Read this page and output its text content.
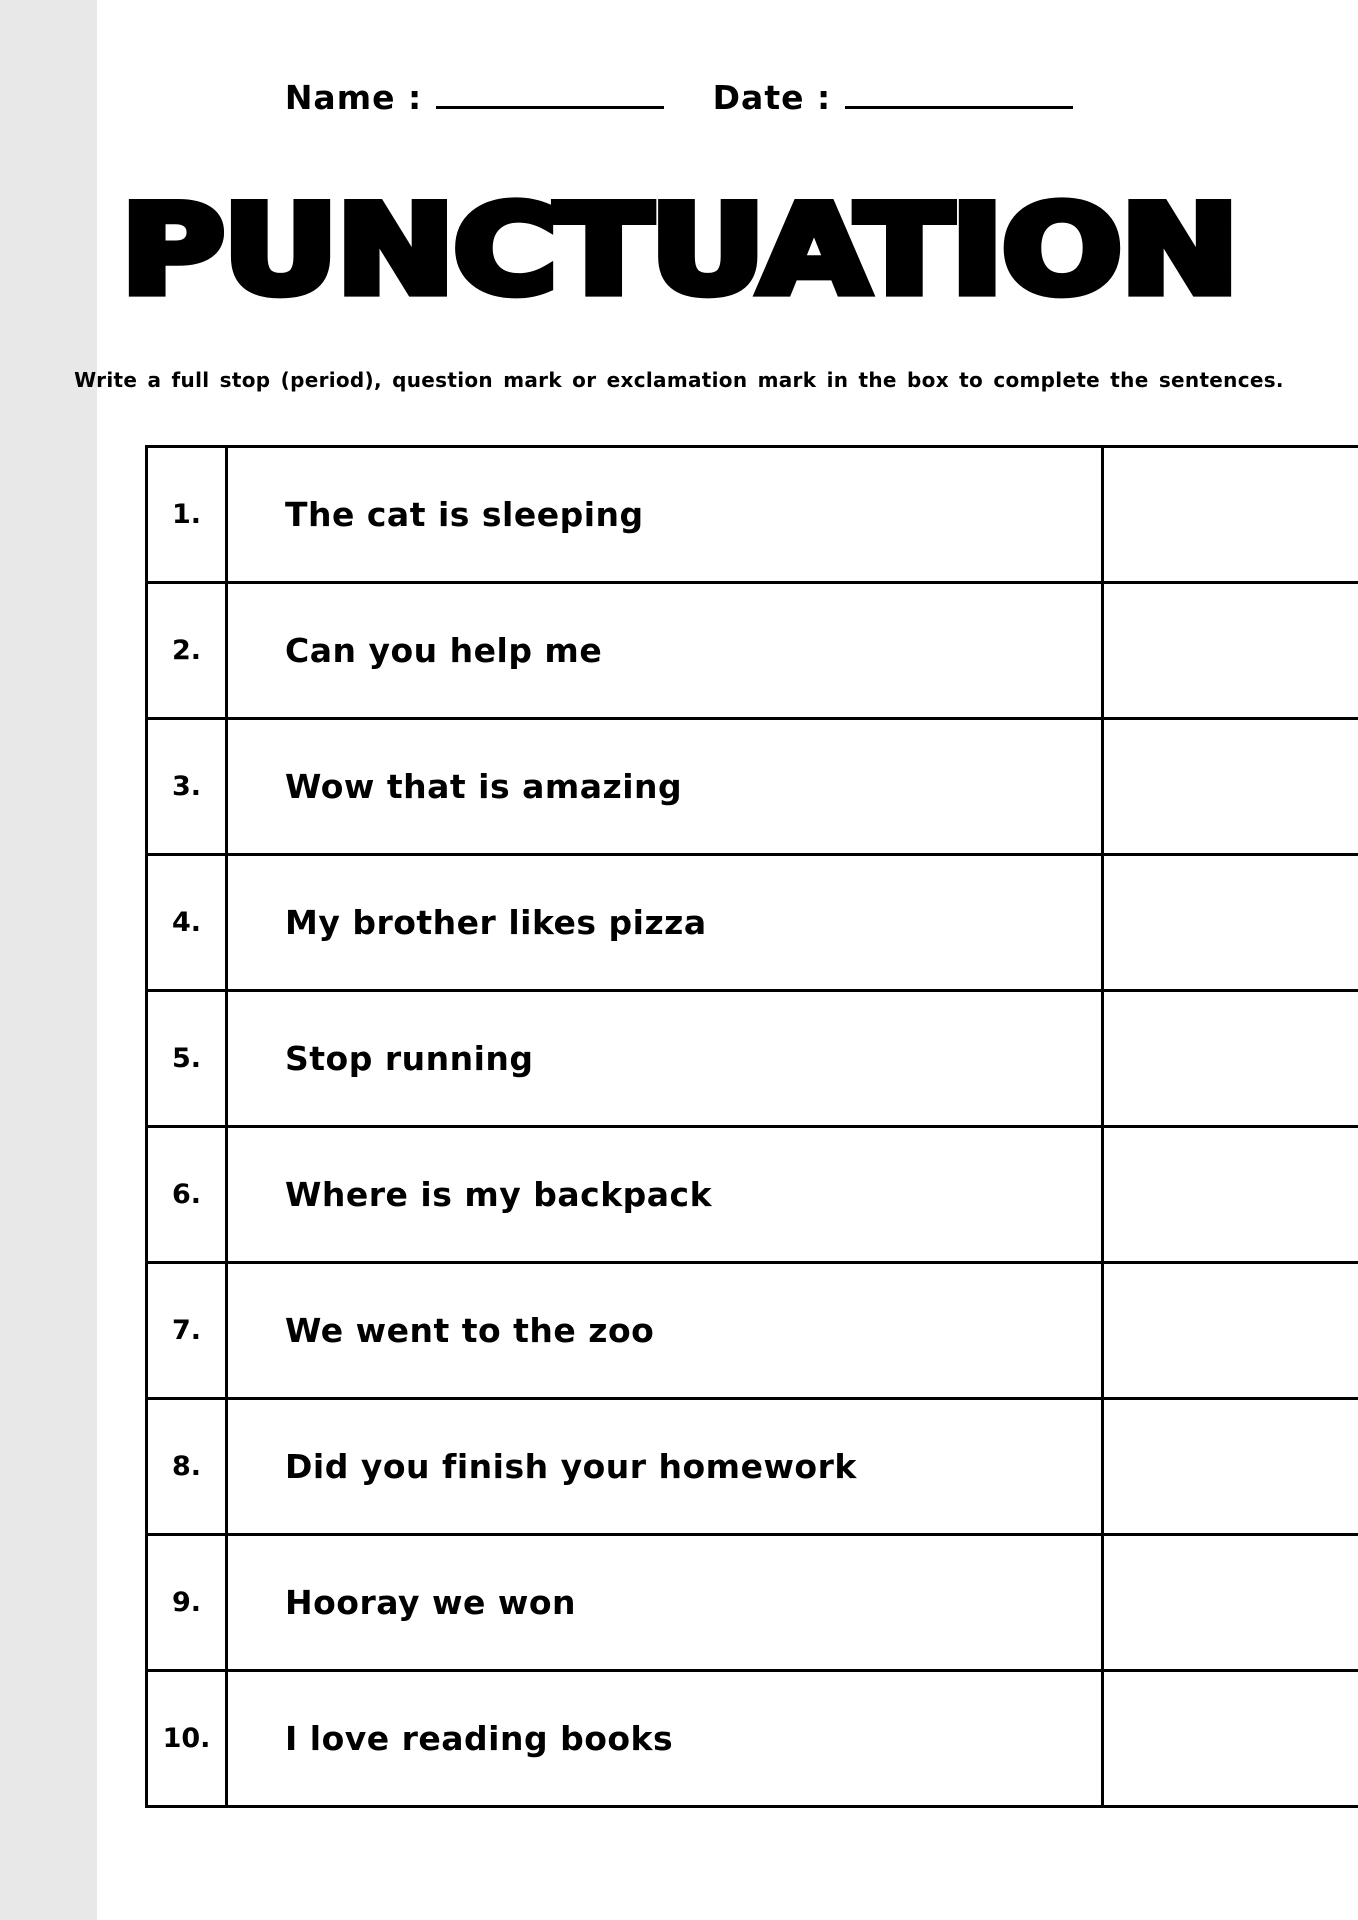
Name :	Date :
PUNCTUATION
Write a full stop (period), question mark or exclamation mark in the box to complete the sentences.
1.	The cat is sleeping	
2.	Can you help me	
3.	Wow that is amazing	
4.	My brother likes pizza	
5.	Stop running	
6.	Where is my backpack	
7.	We went to the zoo	
8.	Did you finish your homework	
9.	Hooray we won	
10.	I love reading books	
